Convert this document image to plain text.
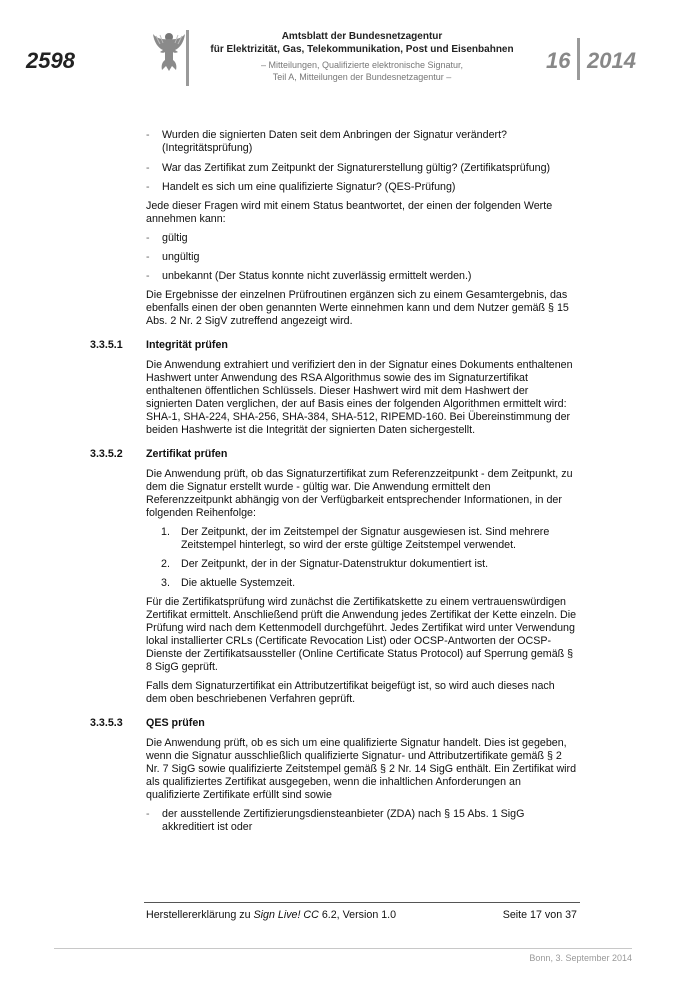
2598
Amtsblatt der Bundesnetzagentur
für Elektrizität, Gas, Telekommunikation, Post und Eisenbahnen
– Mitteilungen, Qualifizierte elektronische Signatur,
Teil A, Mitteilungen der Bundesnetzagentur –
16 2014
- Wurden die signierten Daten seit dem Anbringen der Signatur verändert?
(Integritätsprüfung)
- War das Zertifikat zum Zeitpunkt der Signaturerstellung gültig? (Zertifikatsprüfung)
- Handelt es sich um eine qualifizierte Signatur? (QES-Prüfung)
Jede dieser Fragen wird mit einem Status beantwortet, der einen der folgenden Werte
annehmen kann:
- gültig
- ungültig
- unbekannt (Der Status konnte nicht zuverlässig ermittelt werden.)
Die Ergebnisse der einzelnen Prüfroutinen ergänzen sich zu einem Gesamtergebnis, das
ebenfalls einen der oben genannten Werte einnehmen kann und dem Nutzer gemäß § 15
Abs. 2 Nr. 2 SigV zutreffend angezeigt wird.
3.3.5.1 Integrität prüfen
Die Anwendung extrahiert und verifiziert den in der Signatur eines Dokuments enthaltenen
Hashwert unter Anwendung des RSA Algorithmus sowie des im Signaturzertifikat
enthaltenen öffentlichen Schlüssels. Dieser Hashwert wird mit dem Hashwert der
signierten Daten verglichen, der auf Basis eines der folgenden Algorithmen ermittelt wird:
SHA-1, SHA-224, SHA-256, SHA-384, SHA-512, RIPEMD-160. Bei Übereinstimmung der
beiden Hashwerte ist die Integrität der signierten Daten sichergestellt.
3.3.5.2 Zertifikat prüfen
Die Anwendung prüft, ob das Signaturzertifikat zum Referenzzeitpunkt - dem Zeitpunkt, zu
dem die Signatur erstellt wurde - gültig war. Die Anwendung ermittelt den
Referenzzeitpunkt abhängig von der Verfügbarkeit entsprechender Informationen, in der
folgenden Reihenfolge:
1. Der Zeitpunkt, der im Zeitstempel der Signatur ausgewiesen ist. Sind mehrere
Zeitstempel hinterlegt, so wird der erste gültige Zeitstempel verwendet.
2. Der Zeitpunkt, der in der Signatur-Datenstruktur dokumentiert ist.
3. Die aktuelle Systemzeit.
Für die Zertifikatsprüfung wird zunächst die Zertifikatskette zu einem vertrauenswürdigen
Zertifikat ermittelt. Anschließend prüft die Anwendung jedes Zertifikat der Kette einzeln. Die
Prüfung wird nach dem Kettenmodell durchgeführt. Jedes Zertifikat wird unter Verwendung
lokal installierter CRLs (Certificate Revocation List) oder OCSP-Antworten der OCSP-
Dienste der Zertifikatsaussteller (Online Certificate Status Protocol) auf Sperrung gemäß §
8 SigG geprüft.
Falls dem Signaturzertifikat ein Attributzertifikat beigefügt ist, so wird auch dieses nach
dem oben beschriebenen Verfahren geprüft.
3.3.5.3 QES prüfen
Die Anwendung prüft, ob es sich um eine qualifizierte Signatur handelt. Dies ist gegeben,
wenn die Signatur ausschließlich qualifizierte Signatur- und Attributzertifikate gemäß § 2
Nr. 7 SigG sowie qualifizierte Zeitstempel gemäß § 2 Nr. 14 SigG enthält. Ein Zertifikat wird
als qualifiziertes Zertifikat ausgegeben, wenn die inhaltlichen Anforderungen an
qualifizierte Zertifikate erfüllt sind sowie
- der ausstellende Zertifizierungsdiensteanbieter (ZDA) nach § 15 Abs. 1 SigG
akkreditiert ist oder
Herstellererklärung zu Sign Live! CC 6.2, Version 1.0	Seite 17 von 37
Bonn, 3. September 2014
